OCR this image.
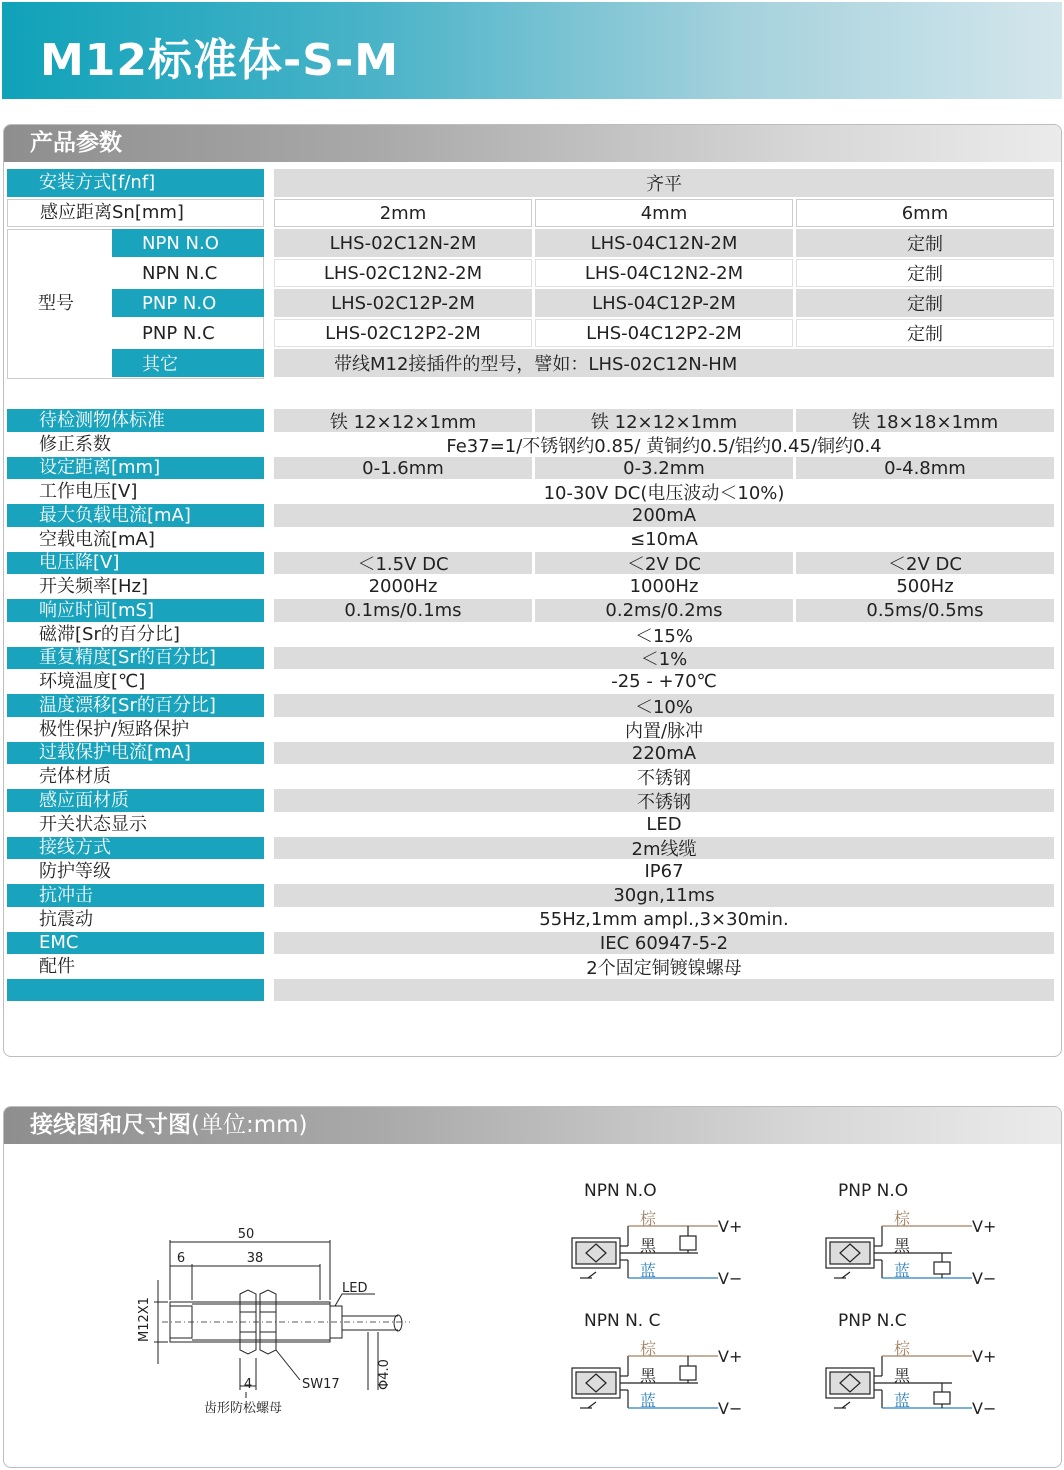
M12标准体-S-M
产品参数
安装方式[f/nf]	齐平
感应距离Sn[mm]	2mm	4mm	6mm
型号
NPN N.O	LHS-02C12N-2M	LHS-04C12N-2M	定制
NPN N.C	LHS-02C12N2-2M	LHS-04C12N2-2M	定制
PNP N.O	LHS-02C12P-2M	LHS-04C12P-2M	定制
PNP N.C	LHS-02C12P2-2M	LHS-04C12P2-2M	定制
其它	带线M12接插件的型号，譬如：LHS-02C12N-HM
待检测物体标准	铁 12×12×1mm	铁 12×12×1mm	铁 18×18×1mm
修正系数	Fe37=1/不锈钢约0.85/ 黄铜约0.5/铝约0.45/铜约0.4
设定距离[mm]	0-1.6mm	0-3.2mm	0-4.8mm
工作电压[V]	10-30V DC(电压波动＜10%)
最大负载电流[mA]	200mA
空载电流[mA]	≤10mA
电压降[V]	＜1.5V DC	＜2V DC	＜2V DC
开关频率[Hz]	2000Hz	1000Hz	500Hz
响应时间[mS]	0.1ms/0.1ms	0.2ms/0.2ms	0.5ms/0.5ms
磁滞[Sr的百分比]	＜15%
重复精度[Sr的百分比]	＜1%
环境温度[℃]	-25 - +70℃
温度漂移[Sr的百分比]	＜10%
极性保护/短路保护	内置/脉冲
过载保护电流[mA]	220mA
壳体材质	不锈钢
感应面材质	不锈钢
开关状态显示	LED
接线方式	2m线缆
防护等级	IP67
抗冲击	30gn,11ms
抗震动	55Hz,1mm ampl.,3×30min.
EMC	IEC 60947-5-2
配件	2个固定铜镀镍螺母
接线图和尺寸图(单位:mm)
50
38
6
4
LED
SW17
M12X1
Φ4.0
齿形防松螺母
NPN N.O
棕
黑
蓝
V+
V−
PNP N.O
棕
黑
蓝
V+
V−
NPN N. C
棕
黑
蓝
V+
V−
PNP N.C
棕
黑
蓝
V+
V−
